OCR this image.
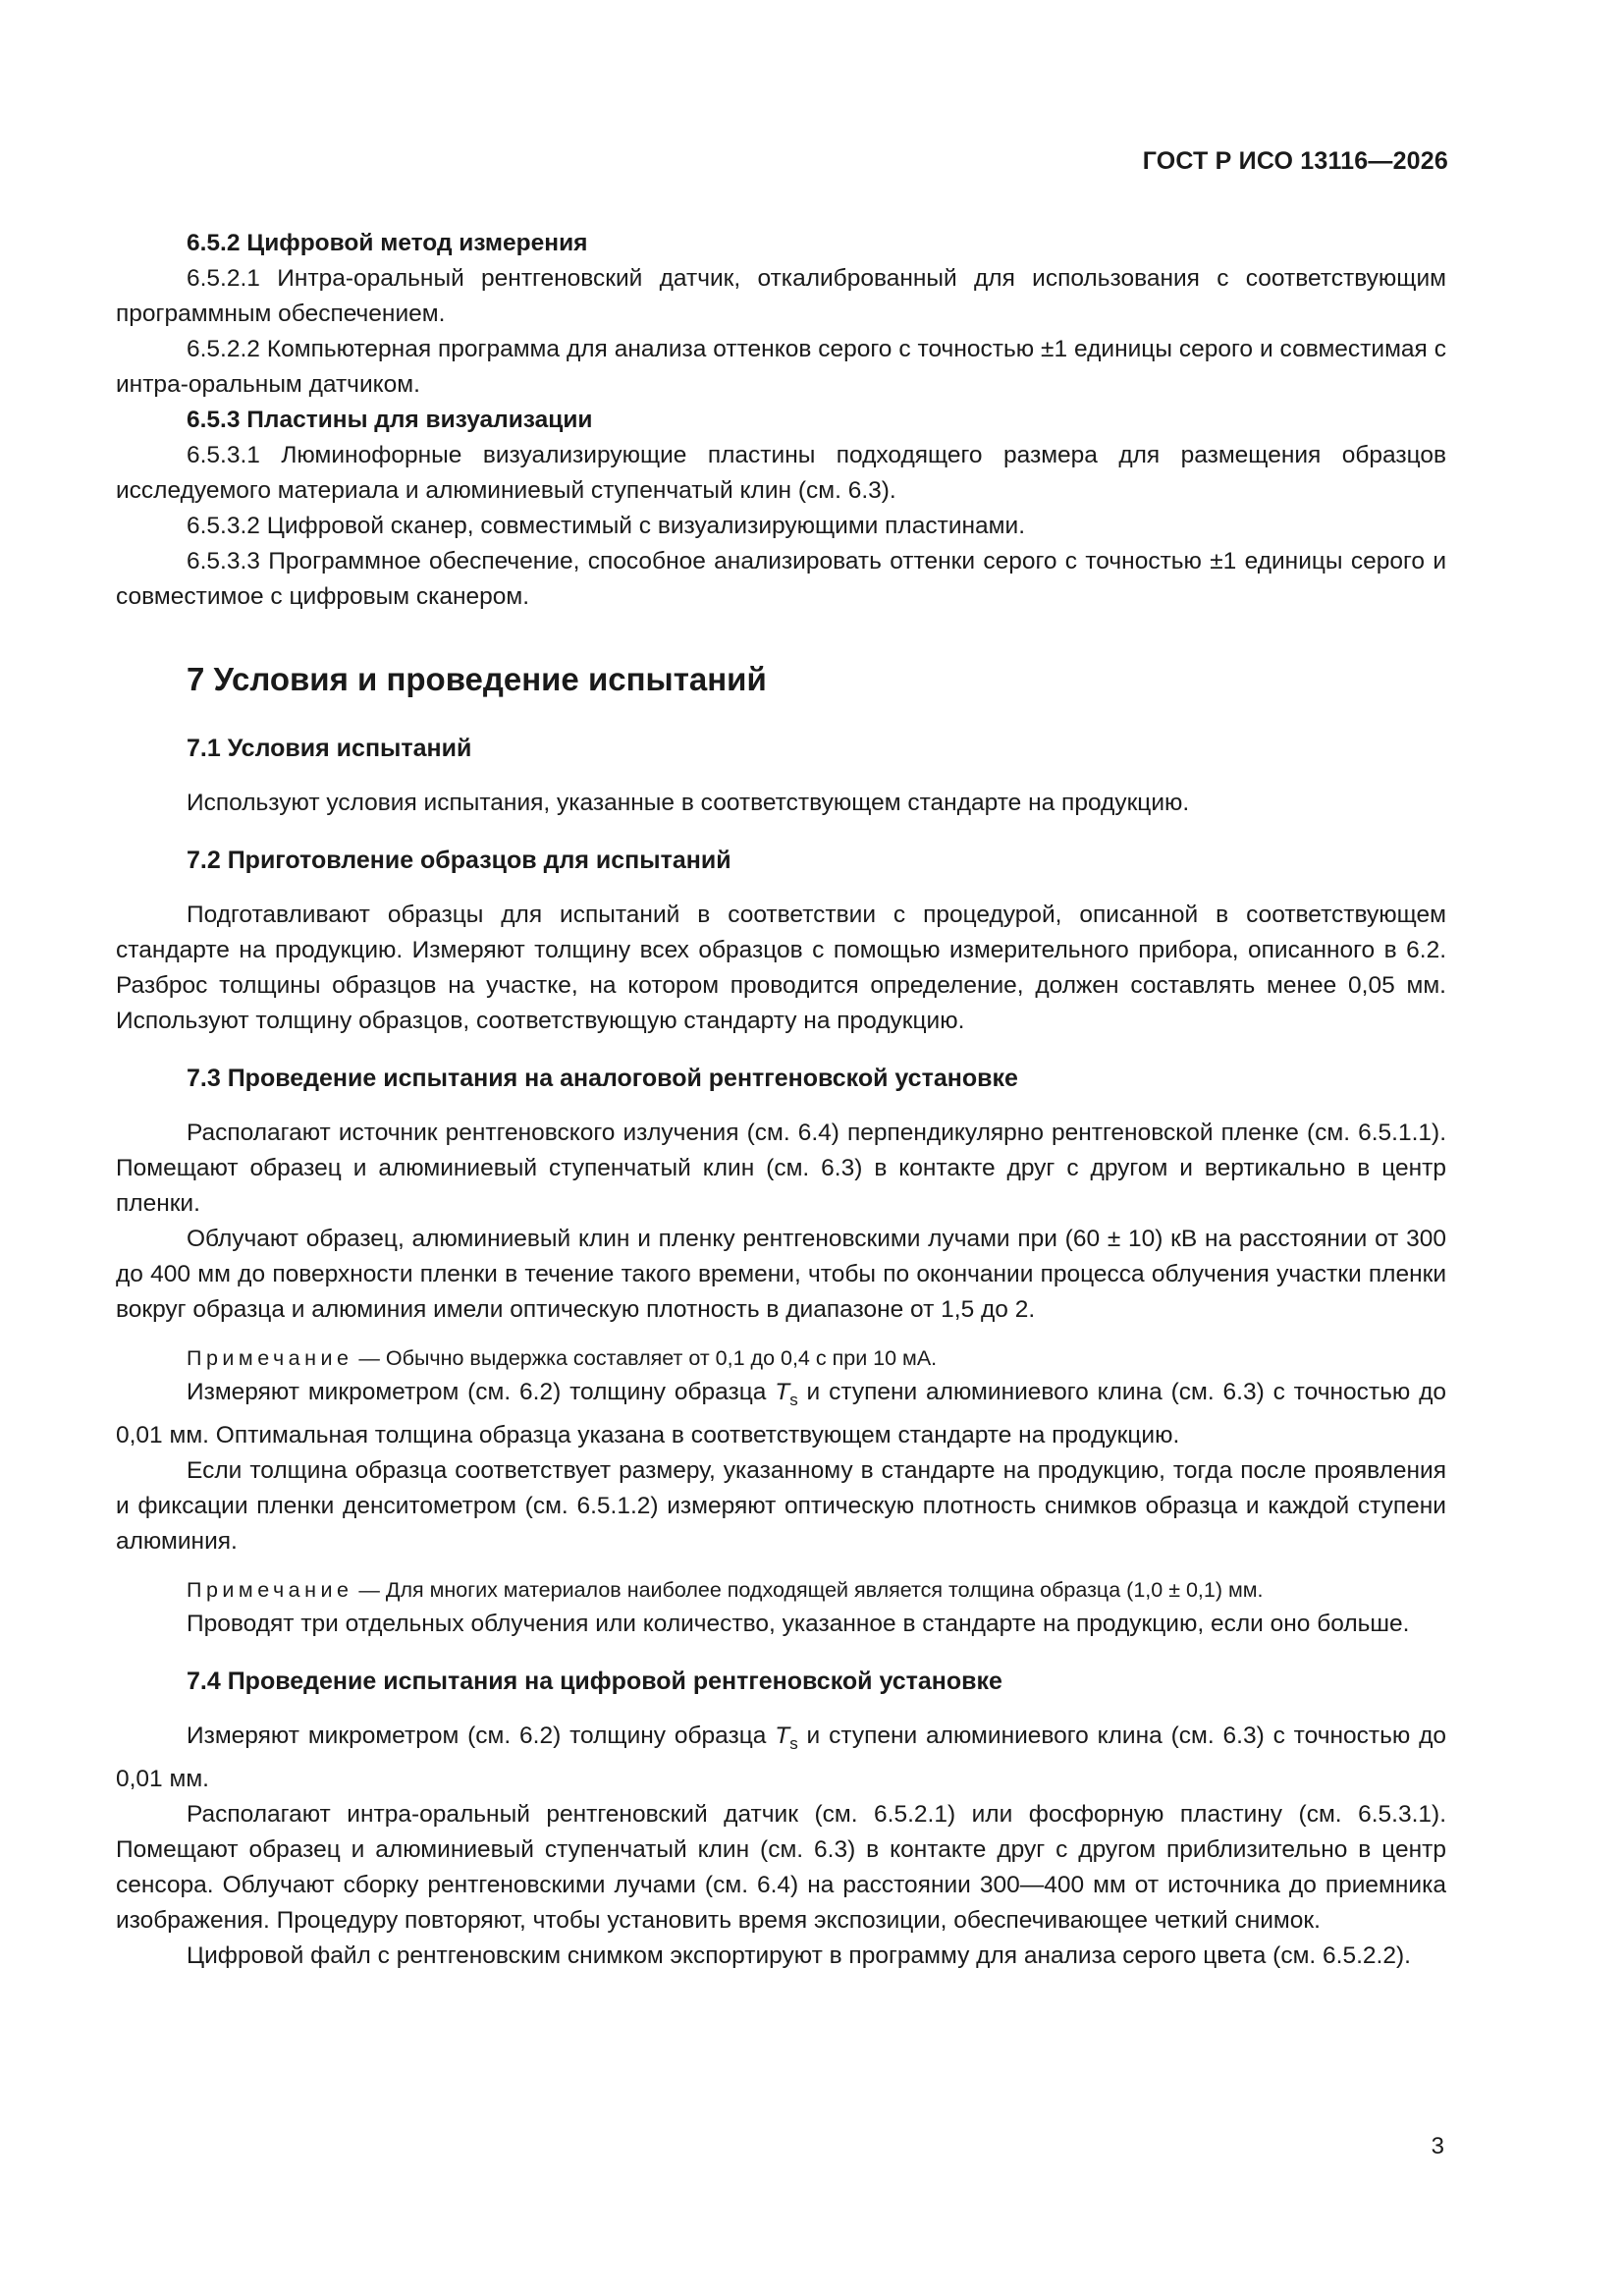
ГОСТ Р ИСО 13116—2026

6.5.2 Цифровой метод измерения

6.5.2.1 Интра-оральный рентгеновский датчик, откалиброванный для использования с соответствующим программным обеспечением.

6.5.2.2 Компьютерная программа для анализа оттенков серого с точностью ±1 единицы серого и совместимая с интра-оральным датчиком.

6.5.3 Пластины для визуализации

6.5.3.1 Люминофорные визуализирующие пластины подходящего размера для размещения образцов исследуемого материала и алюминиевый ступенчатый клин (см. 6.3).

6.5.3.2 Цифровой сканер, совместимый с визуализирующими пластинами.

6.5.3.3 Программное обеспечение, способное анализировать оттенки серого с точностью ±1 единицы серого и совместимое с цифровым сканером.

7 Условия и проведение испытаний
7.1 Условия испытаний

Используют условия испытания, указанные в соответствующем стандарте на продукцию.

7.2 Приготовление образцов для испытаний

Подготавливают образцы для испытаний в соответствии с процедурой, описанной в соответствующем стандарте на продукцию. Измеряют толщину всех образцов с помощью измерительного прибора, описанного в 6.2. Разброс толщины образцов на участке, на котором проводится определение, должен составлять менее 0,05 мм. Используют толщину образцов, соответствующую стандарту на продукцию.

7.3 Проведение испытания на аналоговой рентгеновской установке

Располагают источник рентгеновского излучения (см. 6.4) перпендикулярно рентгеновской пленке (см. 6.5.1.1). Помещают образец и алюминиевый ступенчатый клин (см. 6.3) в контакте друг с другом и вертикально в центр пленки.

Облучают образец, алюминиевый клин и пленку рентгеновскими лучами при (60 ± 10) кВ на расстоянии от 300 до 400 мм до поверхности пленки в течение такого времени, чтобы по окончании процесса облучения участки пленки вокруг образца и алюминия имели оптическую плотность в диапазоне от 1,5 до 2.

Примечание — Обычно выдержка составляет от 0,1 до 0,4 с при 10 мА.

Измеряют микрометром (см. 6.2) толщину образца $T_s$ и ступени алюминиевого клина (см. 6.3) с точностью до 0,01 мм. Оптимальная толщина образца указана в соответствующем стандарте на продукцию.

Если толщина образца соответствует размеру, указанному в стандарте на продукцию, тогда после проявления и фиксации пленки денситометром (см. 6.5.1.2) измеряют оптическую плотность снимков образца и каждой ступени алюминия.

Примечание — Для многих материалов наиболее подходящей является толщина образца (1,0 ± 0,1) мм.

Проводят три отдельных облучения или количество, указанное в стандарте на продукцию, если оно больше.

7.4 Проведение испытания на цифровой рентгеновской установке

Измеряют микрометром (см. 6.2) толщину образца $T_s$ и ступени алюминиевого клина (см. 6.3) с точностью до 0,01 мм.

Располагают интра-оральный рентгеновский датчик (см. 6.5.2.1) или фосфорную пластину (см. 6.5.3.1). Помещают образец и алюминиевый ступенчатый клин (см. 6.3) в контакте друг с другом приблизительно в центр сенсора. Облучают сборку рентгеновскими лучами (см. 6.4) на расстоянии 300—400 мм от источника до приемника изображения. Процедуру повторяют, чтобы установить время экспозиции, обеспечивающее четкий снимок.

Цифровой файл с рентгеновским снимком экспортируют в программу для анализа серого цвета (см. 6.5.2.2).

3
